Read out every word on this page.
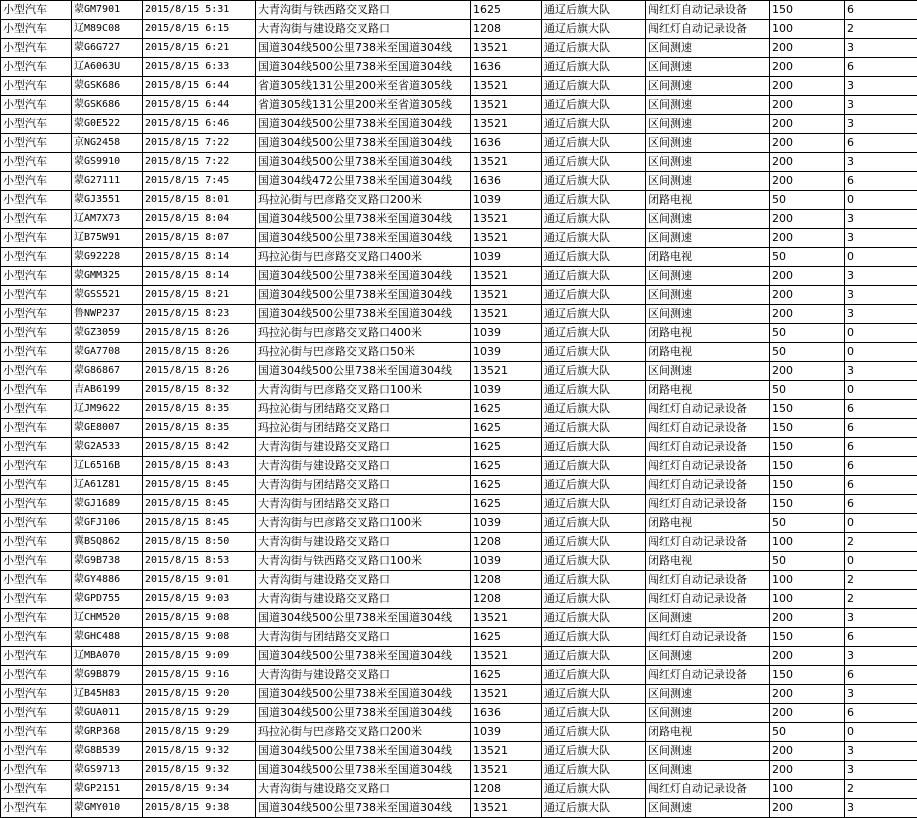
小型汽车	蒙GM7901	2015/8/15 5:31	大青沟街与铁西路交叉路口	1625	通辽后旗大队	闯红灯自动记录设备	150	6
小型汽车	辽M89C08	2015/8/15 6:15	大青沟街与建设路交叉路口	1208	通辽后旗大队	闯红灯自动记录设备	100	2
小型汽车	蒙G6G727	2015/8/15 6:21	国道304线500公里738米至国道304线	13521	通辽后旗大队	区间测速	200	3
小型汽车	辽A6063U	2015/8/15 6:33	国道304线500公里738米至国道304线	1636	通辽后旗大队	区间测速	200	6
小型汽车	蒙GSK686	2015/8/15 6:44	省道305线131公里200米至省道305线	13521	通辽后旗大队	区间测速	200	3
小型汽车	蒙GSK686	2015/8/15 6:44	省道305线131公里200米至省道305线	13521	通辽后旗大队	区间测速	200	3
小型汽车	蒙G0E522	2015/8/15 6:46	国道304线500公里738米至国道304线	13521	通辽后旗大队	区间测速	200	3
小型汽车	京NG2458	2015/8/15 7:22	国道304线500公里738米至国道304线	1636	通辽后旗大队	区间测速	200	6
小型汽车	蒙GS9910	2015/8/15 7:22	国道304线500公里738米至国道304线	13521	通辽后旗大队	区间测速	200	3
小型汽车	蒙G27111	2015/8/15 7:45	国道304线472公里738米至国道304线	1636	通辽后旗大队	区间测速	200	6
小型汽车	蒙GJ3551	2015/8/15 8:01	玛拉沁街与巴彦路交叉路口200米	1039	通辽后旗大队	闭路电视	50	0
小型汽车	辽AM7X73	2015/8/15 8:04	国道304线500公里738米至国道304线	13521	通辽后旗大队	区间测速	200	3
小型汽车	辽B75W91	2015/8/15 8:07	国道304线500公里738米至国道304线	13521	通辽后旗大队	区间测速	200	3
小型汽车	蒙G92228	2015/8/15 8:14	玛拉沁街与巴彦路交叉路口400米	1039	通辽后旗大队	闭路电视	50	0
小型汽车	蒙GMM325	2015/8/15 8:14	国道304线500公里738米至国道304线	13521	通辽后旗大队	区间测速	200	3
小型汽车	蒙GSS521	2015/8/15 8:21	国道304线500公里738米至国道304线	13521	通辽后旗大队	区间测速	200	3
小型汽车	鲁NWP237	2015/8/15 8:23	国道304线500公里738米至国道304线	13521	通辽后旗大队	区间测速	200	3
小型汽车	蒙GZ3059	2015/8/15 8:26	玛拉沁街与巴彦路交叉路口400米	1039	通辽后旗大队	闭路电视	50	0
小型汽车	蒙GA7708	2015/8/15 8:26	玛拉沁街与巴彦路交叉路口50米	1039	通辽后旗大队	闭路电视	50	0
小型汽车	蒙G86867	2015/8/15 8:26	国道304线500公里738米至国道304线	13521	通辽后旗大队	区间测速	200	3
小型汽车	吉AB6199	2015/8/15 8:32	大青沟街与巴彦路交叉路口100米	1039	通辽后旗大队	闭路电视	50	0
小型汽车	辽JM9622	2015/8/15 8:35	玛拉沁街与团结路交叉路口	1625	通辽后旗大队	闯红灯自动记录设备	150	6
小型汽车	蒙GE8007	2015/8/15 8:35	玛拉沁街与团结路交叉路口	1625	通辽后旗大队	闯红灯自动记录设备	150	6
小型汽车	蒙G2A533	2015/8/15 8:42	大青沟街与建设路交叉路口	1625	通辽后旗大队	闯红灯自动记录设备	150	6
小型汽车	辽L6516B	2015/8/15 8:43	大青沟街与建设路交叉路口	1625	通辽后旗大队	闯红灯自动记录设备	150	6
小型汽车	辽A61Z81	2015/8/15 8:45	大青沟街与团结路交叉路口	1625	通辽后旗大队	闯红灯自动记录设备	150	6
小型汽车	蒙GJ1689	2015/8/15 8:45	大青沟街与团结路交叉路口	1625	通辽后旗大队	闯红灯自动记录设备	150	6
小型汽车	蒙GFJ106	2015/8/15 8:45	大青沟街与巴彦路交叉路口100米	1039	通辽后旗大队	闭路电视	50	0
小型汽车	冀BSQ862	2015/8/15 8:50	大青沟街与建设路交叉路口	1208	通辽后旗大队	闯红灯自动记录设备	100	2
小型汽车	蒙G9B738	2015/8/15 8:53	大青沟街与铁西路交叉路口100米	1039	通辽后旗大队	闭路电视	50	0
小型汽车	蒙GY4886	2015/8/15 9:01	大青沟街与建设路交叉路口	1208	通辽后旗大队	闯红灯自动记录设备	100	2
小型汽车	蒙GPD755	2015/8/15 9:03	大青沟街与建设路交叉路口	1208	通辽后旗大队	闯红灯自动记录设备	100	2
小型汽车	辽CHM520	2015/8/15 9:08	国道304线500公里738米至国道304线	13521	通辽后旗大队	区间测速	200	3
小型汽车	蒙GHC488	2015/8/15 9:08	大青沟街与团结路交叉路口	1625	通辽后旗大队	闯红灯自动记录设备	150	6
小型汽车	辽MBA070	2015/8/15 9:09	国道304线500公里738米至国道304线	13521	通辽后旗大队	区间测速	200	3
小型汽车	蒙G9B879	2015/8/15 9:16	大青沟街与建设路交叉路口	1625	通辽后旗大队	闯红灯自动记录设备	150	6
小型汽车	辽B45H83	2015/8/15 9:20	国道304线500公里738米至国道304线	13521	通辽后旗大队	区间测速	200	3
小型汽车	蒙GUA011	2015/8/15 9:29	国道304线500公里738米至国道304线	1636	通辽后旗大队	区间测速	200	6
小型汽车	蒙GRP368	2015/8/15 9:29	玛拉沁街与巴彦路交叉路口200米	1039	通辽后旗大队	闭路电视	50	0
小型汽车	蒙G8B539	2015/8/15 9:32	国道304线500公里738米至国道304线	13521	通辽后旗大队	区间测速	200	3
小型汽车	蒙GS9713	2015/8/15 9:32	国道304线500公里738米至国道304线	13521	通辽后旗大队	区间测速	200	3
小型汽车	蒙GP2151	2015/8/15 9:34	大青沟街与建设路交叉路口	1208	通辽后旗大队	闯红灯自动记录设备	100	2
小型汽车	蒙GMY010	2015/8/15 9:38	国道304线500公里738米至国道304线	13521	通辽后旗大队	区间测速	200	3
